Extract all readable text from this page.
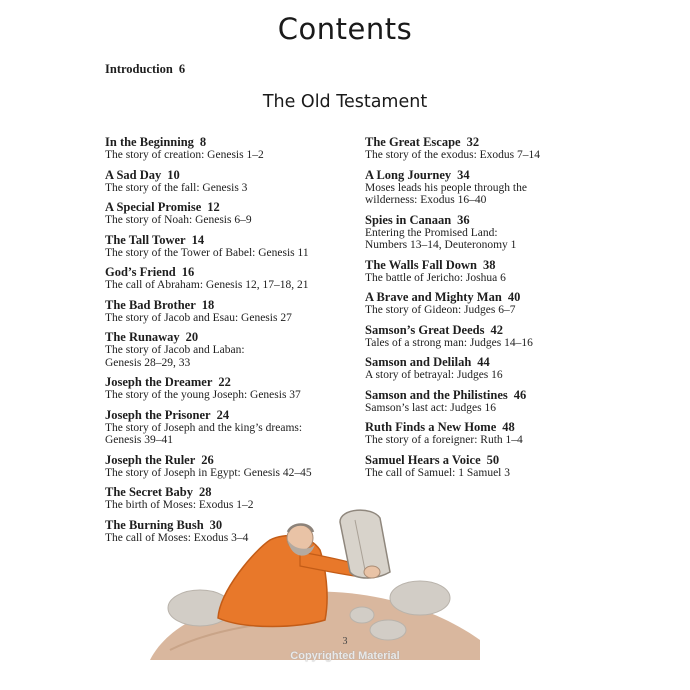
Contents
Introduction 6
The Old Testament
In the Beginning 8
The story of creation: Genesis 1–2
A Sad Day 10
The story of the fall: Genesis 3
A Special Promise 12
The story of Noah: Genesis 6–9
The Tall Tower 14
The story of the Tower of Babel: Genesis 11
God’s Friend 16
The call of Abraham: Genesis 12, 17–18, 21
The Bad Brother 18
The story of Jacob and Esau: Genesis 27
The Runaway 20
The story of Jacob and Laban:
Genesis 28–29, 33
Joseph the Dreamer 22
The story of the young Joseph: Genesis 37
Joseph the Prisoner 24
The story of Joseph and the king’s dreams:
Genesis 39–41
Joseph the Ruler 26
The story of Joseph in Egypt: Genesis 42–45
The Secret Baby 28
The birth of Moses: Exodus 1–2
The Burning Bush 30
The call of Moses: Exodus 3–4
The Great Escape 32
The story of the exodus: Exodus 7–14
A Long Journey 34
Moses leads his people through the
wilderness: Exodus 16–40
Spies in Canaan 36
Entering the Promised Land:
Numbers 13–14, Deuteronomy 1
The Walls Fall Down 38
The battle of Jericho: Joshua 6
A Brave and Mighty Man 40
The story of Gideon: Judges 6–7
Samson’s Great Deeds 42
Tales of a strong man: Judges 14–16
Samson and Delilah 44
A story of betrayal: Judges 16
Samson and the Philistines 46
Samson’s last act: Judges 16
Ruth Finds a New Home 48
The story of a foreigner: Ruth 1–4
Samuel Hears a Voice 50
The call of Samuel: 1 Samuel 3
3
Copyrighted Material
